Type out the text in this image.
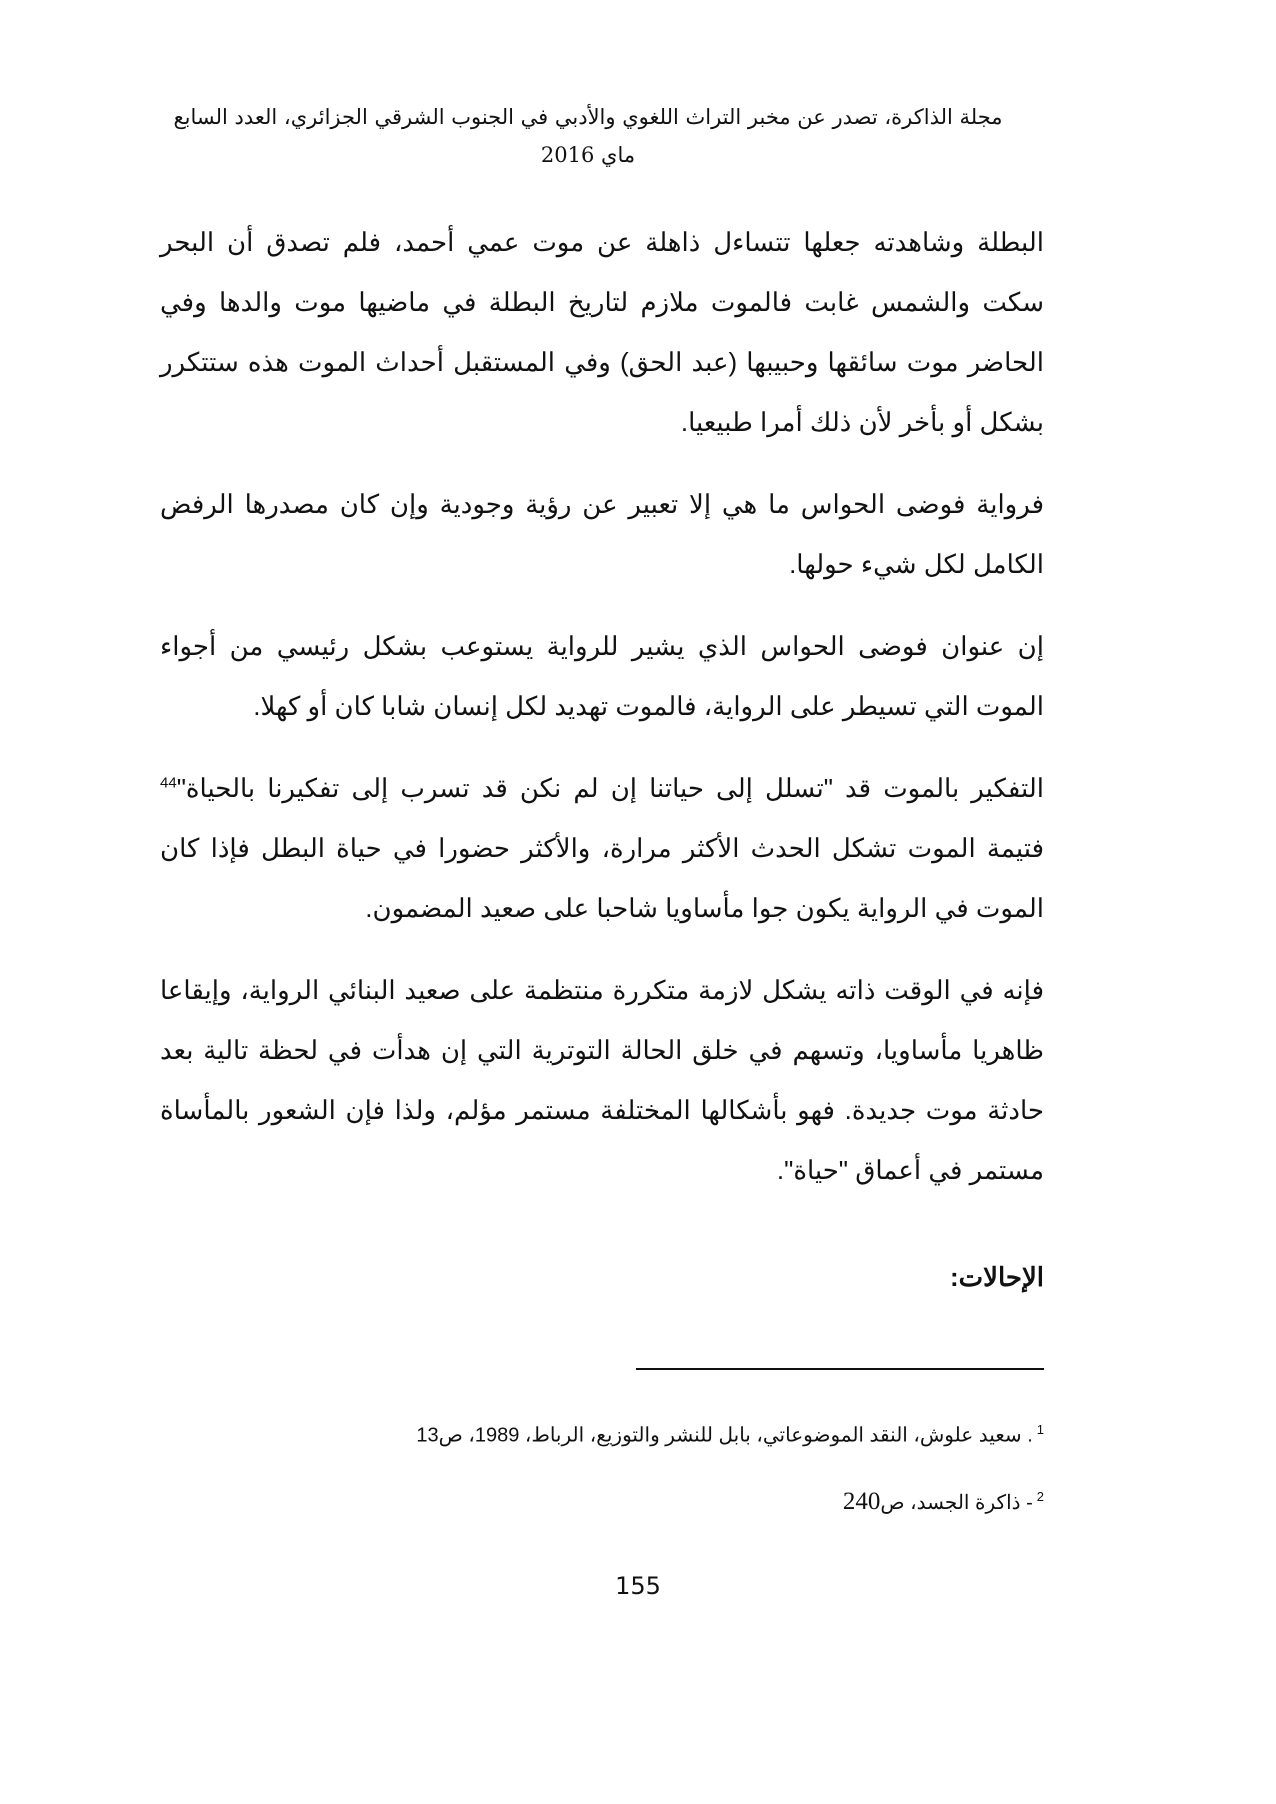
مجلة الذاكرة، تصدر عن مخبر التراث اللغوي والأدبي في الجنوب الشرقي الجزائري، العدد السابع
ماي 2016

البطلة وشاهدته جعلها تتساءل ذاهلة عن موت عمي أحمد، فلم تصدق أن البحر سكت والشمس غابت فالموت ملازم لتاريخ البطلة في ماضيها موت والدها وفي الحاضر موت سائقها وحبيبها (عبد الحق) وفي المستقبل أحداث الموت هذه ستتكرر بشكل أو بأخر لأن ذلك أمرا طبيعيا.

فرواية فوضى الحواس ما هي إلا تعبير عن رؤية وجودية وإن كان مصدرها الرفض الكامل لكل شيء حولها.

إن عنوان فوضى الحواس الذي يشير للرواية يستوعب بشكل رئيسي من أجواء الموت التي تسيطر على الرواية، فالموت تهديد لكل إنسان شابا كان أو كهلا.

التفكير بالموت قد "تسلل إلى حياتنا إن لم نكن قد تسرب إلى تفكيرنا بالحياة"$^{44}$ فتيمة الموت تشكل الحدث الأكثر مرارة، والأكثر حضورا في حياة البطل فإذا كان الموت في الرواية يكون جوا مأساويا شاحبا على صعيد المضمون.

فإنه في الوقت ذاته يشكل لازمة متكررة منتظمة على صعيد البنائي الرواية، وإيقاعا ظاهريا مأساويا، وتسهم في خلق الحالة التوترية التي إن هدأت في لحظة تالية بعد حادثة موت جديدة. فهو بأشكالها المختلفة مستمر مؤلم، ولذا فإن الشعور بالمأساة مستمر في أعماق "حياة".

الإحالات:
$^1$. سعيد علوش، النقد الموضوعاتي، بابل للنشر والتوزيع، الرباط، 1989، ص13
$^2$- ذاكرة الجسد، ص240
155
